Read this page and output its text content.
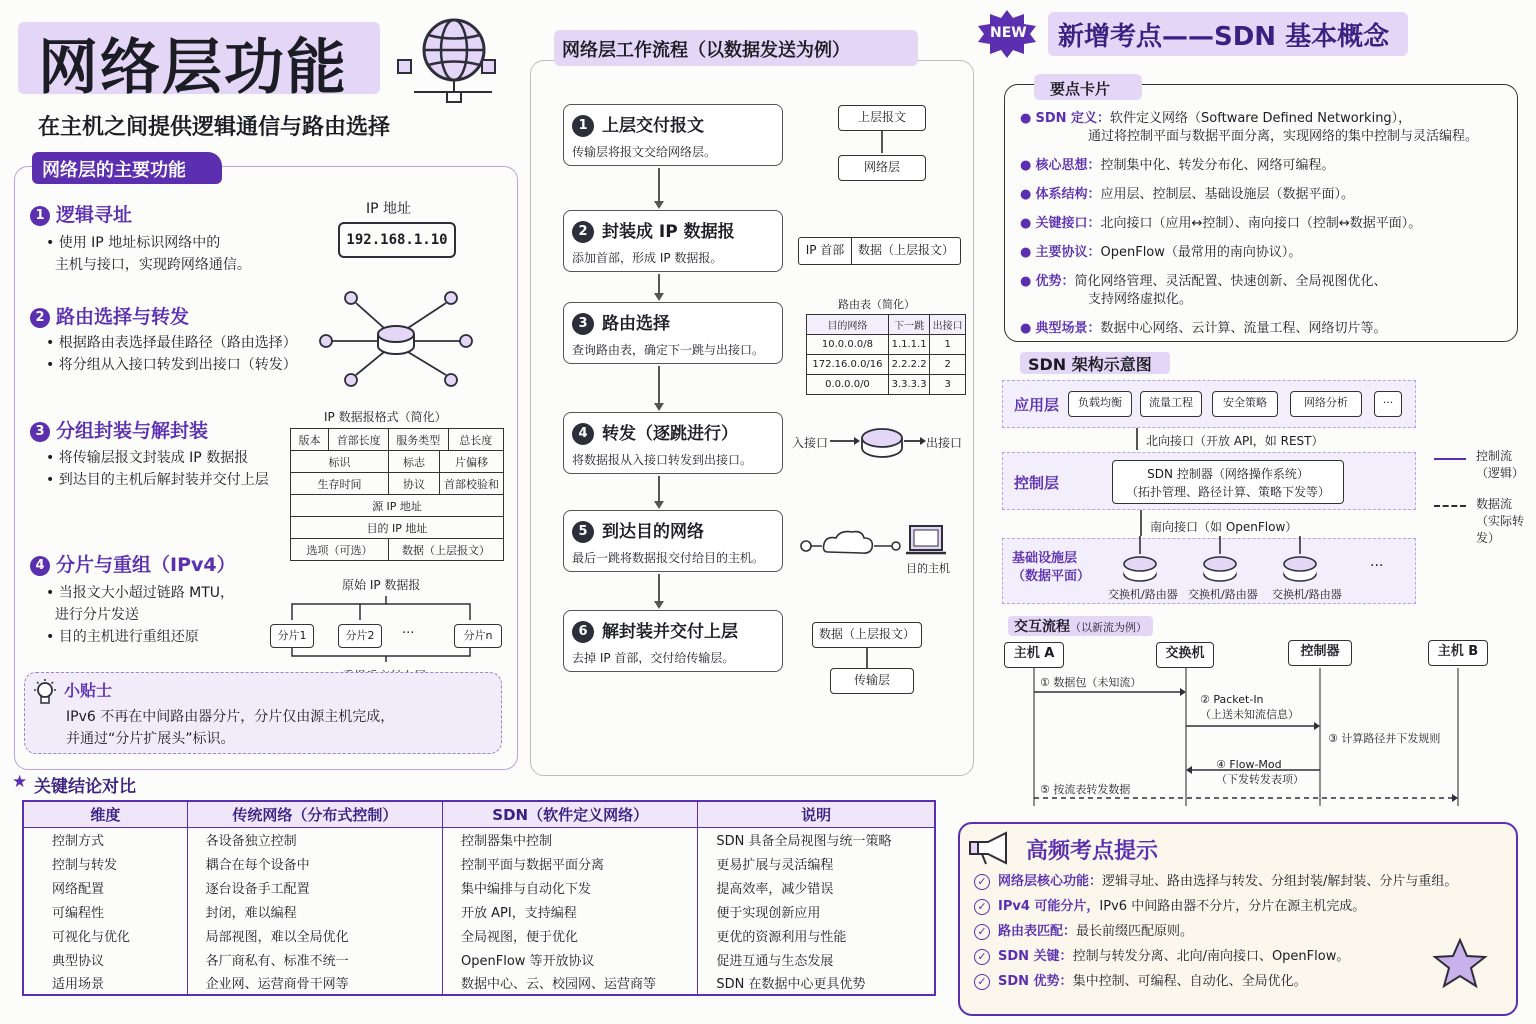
网络层功能
在主机之间提供逻辑通信与路由选择
网络层的主要功能
1 逻辑寻址
• 使用 IP 地址标识网络中的
主机与接口，实现跨网络通信。
IP 地址
192.168.1.10
2 路由选择与转发
• 根据路由表选择最佳路径（路由选择）
• 将分组从入接口转发到出接口（转发）
3 分组封装与解封装
• 将传输层报文封装成 IP 数据报
• 到达目的主机后解封装并交付上层
IP 数据报格式（简化）
版本	首部长度	服务类型	总长度
标识	标志	片偏移
生存时间	协议	首部校验和
源 IP 地址		
目的 IP 地址		
选项（可选）	数据（上层报文）
4 分片与重组（IPv4）
• 当报文大小超过链路 MTU，
进行分片发送
• 目的主机进行重组还原
原始 IP 数据报
分片1	分片2	···	分片n
小贴士
IPv6 不再在中间路由器分片，分片仅由源主机完成，
并通过“分片扩展头”标识。
网络层工作流程（以数据发送为例）
1 上层交付报文
传输层将报文交给网络层。
2 封装成 IP 数据报
添加首部，形成 IP 数据报。
3 路由选择
查询路由表，确定下一跳与出接口。
4 转发（逐跳进行）
将数据报从入接口转发到出接口。
5 到达目的网络
最后一跳将数据报交付给目的主机。
6 解封装并交付上层
去掉 IP 首部，交付给传输层。
上层报文
网络层
IP 首部	数据（上层报文）
路由表（简化）
目的网络	下一跳	出接口
10.0.0.0/8	1.1.1.1	1
172.16.0.0/16	2.2.2.2	2
0.0.0.0/0	3.3.3.3	3
入接口	出接口
目的主机
数据（上层报文）
传输层
NEW 新增考点——SDN 基本概念
要点卡片
● SDN 定义：软件定义网络（Software Defined Networking），
通过将控制平面与数据平面分离，实现网络的集中控制与灵活编程。
● 核心思想：控制集中化、转发分布化、网络可编程。
● 体系结构：应用层、控制层、基础设施层（数据平面）。
● 关键接口：北向接口（应用↔控制）、南向接口（控制↔数据平面）。
● 主要协议：OpenFlow（最常用的南向协议）。
● 优势：简化网络管理、灵活配置、快速创新、全局视图优化、
支持网络虚拟化。
● 典型场景：数据中心网络、云计算、流量工程、网络切片等。
SDN 架构示意图
应用层	负载均衡	流量工程	安全策略	网络分析	···
北向接口（开放 API，如 REST）
控制层	SDN 控制器（网络操作系统）
（拓扑管理、路径计算、策略下发等）
南向接口（如 OpenFlow）
基础设施层
（数据平面）
交换机/路由器 交换机/路由器 交换机/路由器
···
控制流
（逻辑）
数据流
（实际转发）
交互流程（以新流为例）
主机 A	交换机	控制器	主机 B
① 数据包（未知流）
② Packet-In
（上送未知流信息）
③ 计算路径并下发规则
④ Flow-Mod
（下发转发表项）
⑤ 按流表转发数据
★ 关键结论对比
维度	传统网络（分布式控制）	SDN（软件定义网络）	说明
控制方式	各设备独立控制	控制器集中控制	SDN 具备全局视图与统一策略
控制与转发	耦合在每个设备中	控制平面与数据平面分离	更易扩展与灵活编程
网络配置	逐台设备手工配置	集中编排与自动化下发	提高效率，减少错误
可编程性	封闭，难以编程	开放 API，支持编程	便于实现创新应用
可视化与优化	局部视图，难以全局优化	全局视图，便于优化	更优的资源利用与性能
典型协议	各厂商私有、标准不统一	OpenFlow 等开放协议	促进互通与生态发展
适用场景	企业网、运营商骨干网等	数据中心、云、校园网、运营商等	SDN 在数据中心更具优势
高频考点提示
✓ 网络层核心功能：逻辑寻址、路由选择与转发、分组封装/解封装、分片与重组。
✓ IPv4 可能分片，IPv6 中间路由器不分片，分片在源主机完成。
✓ 路由表匹配：最长前缀匹配原则。
✓ SDN 关键：控制与转发分离、北向/南向接口、OpenFlow。
✓ SDN 优势：集中控制、可编程、自动化、全局优化。
